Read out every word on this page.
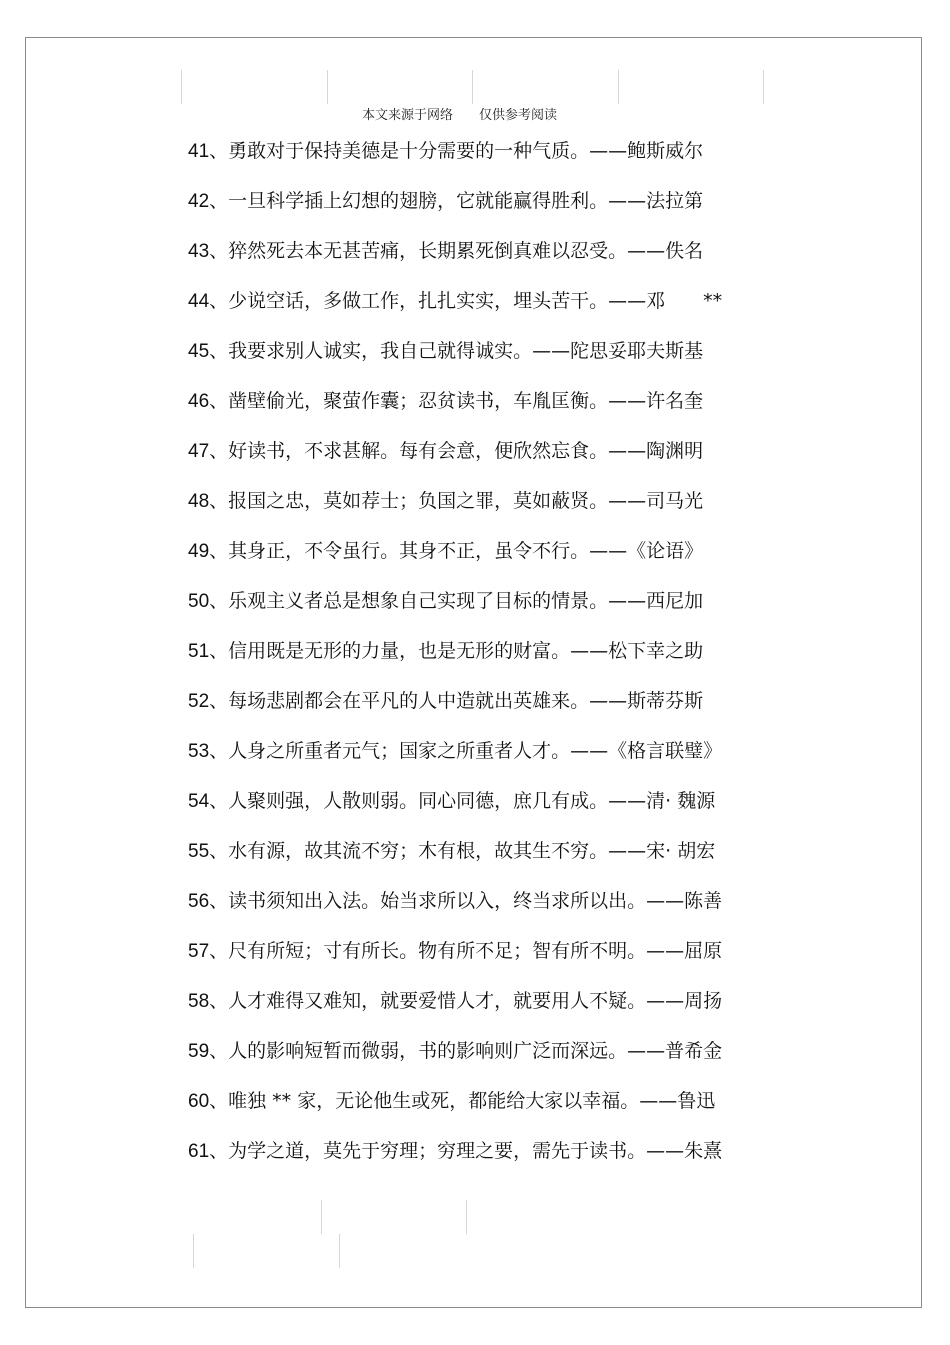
本文来源于网络　　仅供参考阅读
41、勇敢对于保持美德是十分需要的一种气质。——鲍斯威尔
42、一旦科学插上幻想的翅膀，它就能赢得胜利。——法拉第
43、猝然死去本无甚苦痛，长期累死倒真难以忍受。——佚名
44、少说空话，多做工作，扎扎实实，埋头苦干。——邓　　**
45、我要求别人诚实，我自己就得诚实。——陀思妥耶夫斯基
46、凿壁偷光，聚萤作囊；忍贫读书，车胤匡衡。——许名奎
47、好读书，不求甚解。每有会意，便欣然忘食。——陶渊明
48、报国之忠，莫如荐士；负国之罪，莫如蔽贤。——司马光
49、其身正，不令虽行。其身不正，虽令不行。——《论语》
50、乐观主义者总是想象自己实现了目标的情景。——西尼加
51、信用既是无形的力量，也是无形的财富。——松下幸之助
52、每场悲剧都会在平凡的人中造就出英雄来。——斯蒂芬斯
53、人身之所重者元气；国家之所重者人才。——《格言联璧》
54、人聚则强，人散则弱。同心同德，庶几有成。——清· 魏源
55、水有源，故其流不穷；木有根，故其生不穷。——宋· 胡宏
56、读书须知出入法。始当求所以入，终当求所以出。——陈善
57、尺有所短；寸有所长。物有所不足；智有所不明。——屈原
58、人才难得又难知，就要爱惜人才，就要用人不疑。——周扬
59、人的影响短暂而微弱，书的影响则广泛而深远。——普希金
60、唯独 ** 家，无论他生或死，都能给大家以幸福。——鲁迅
61、为学之道，莫先于穷理；穷理之要，需先于读书。——朱熹
